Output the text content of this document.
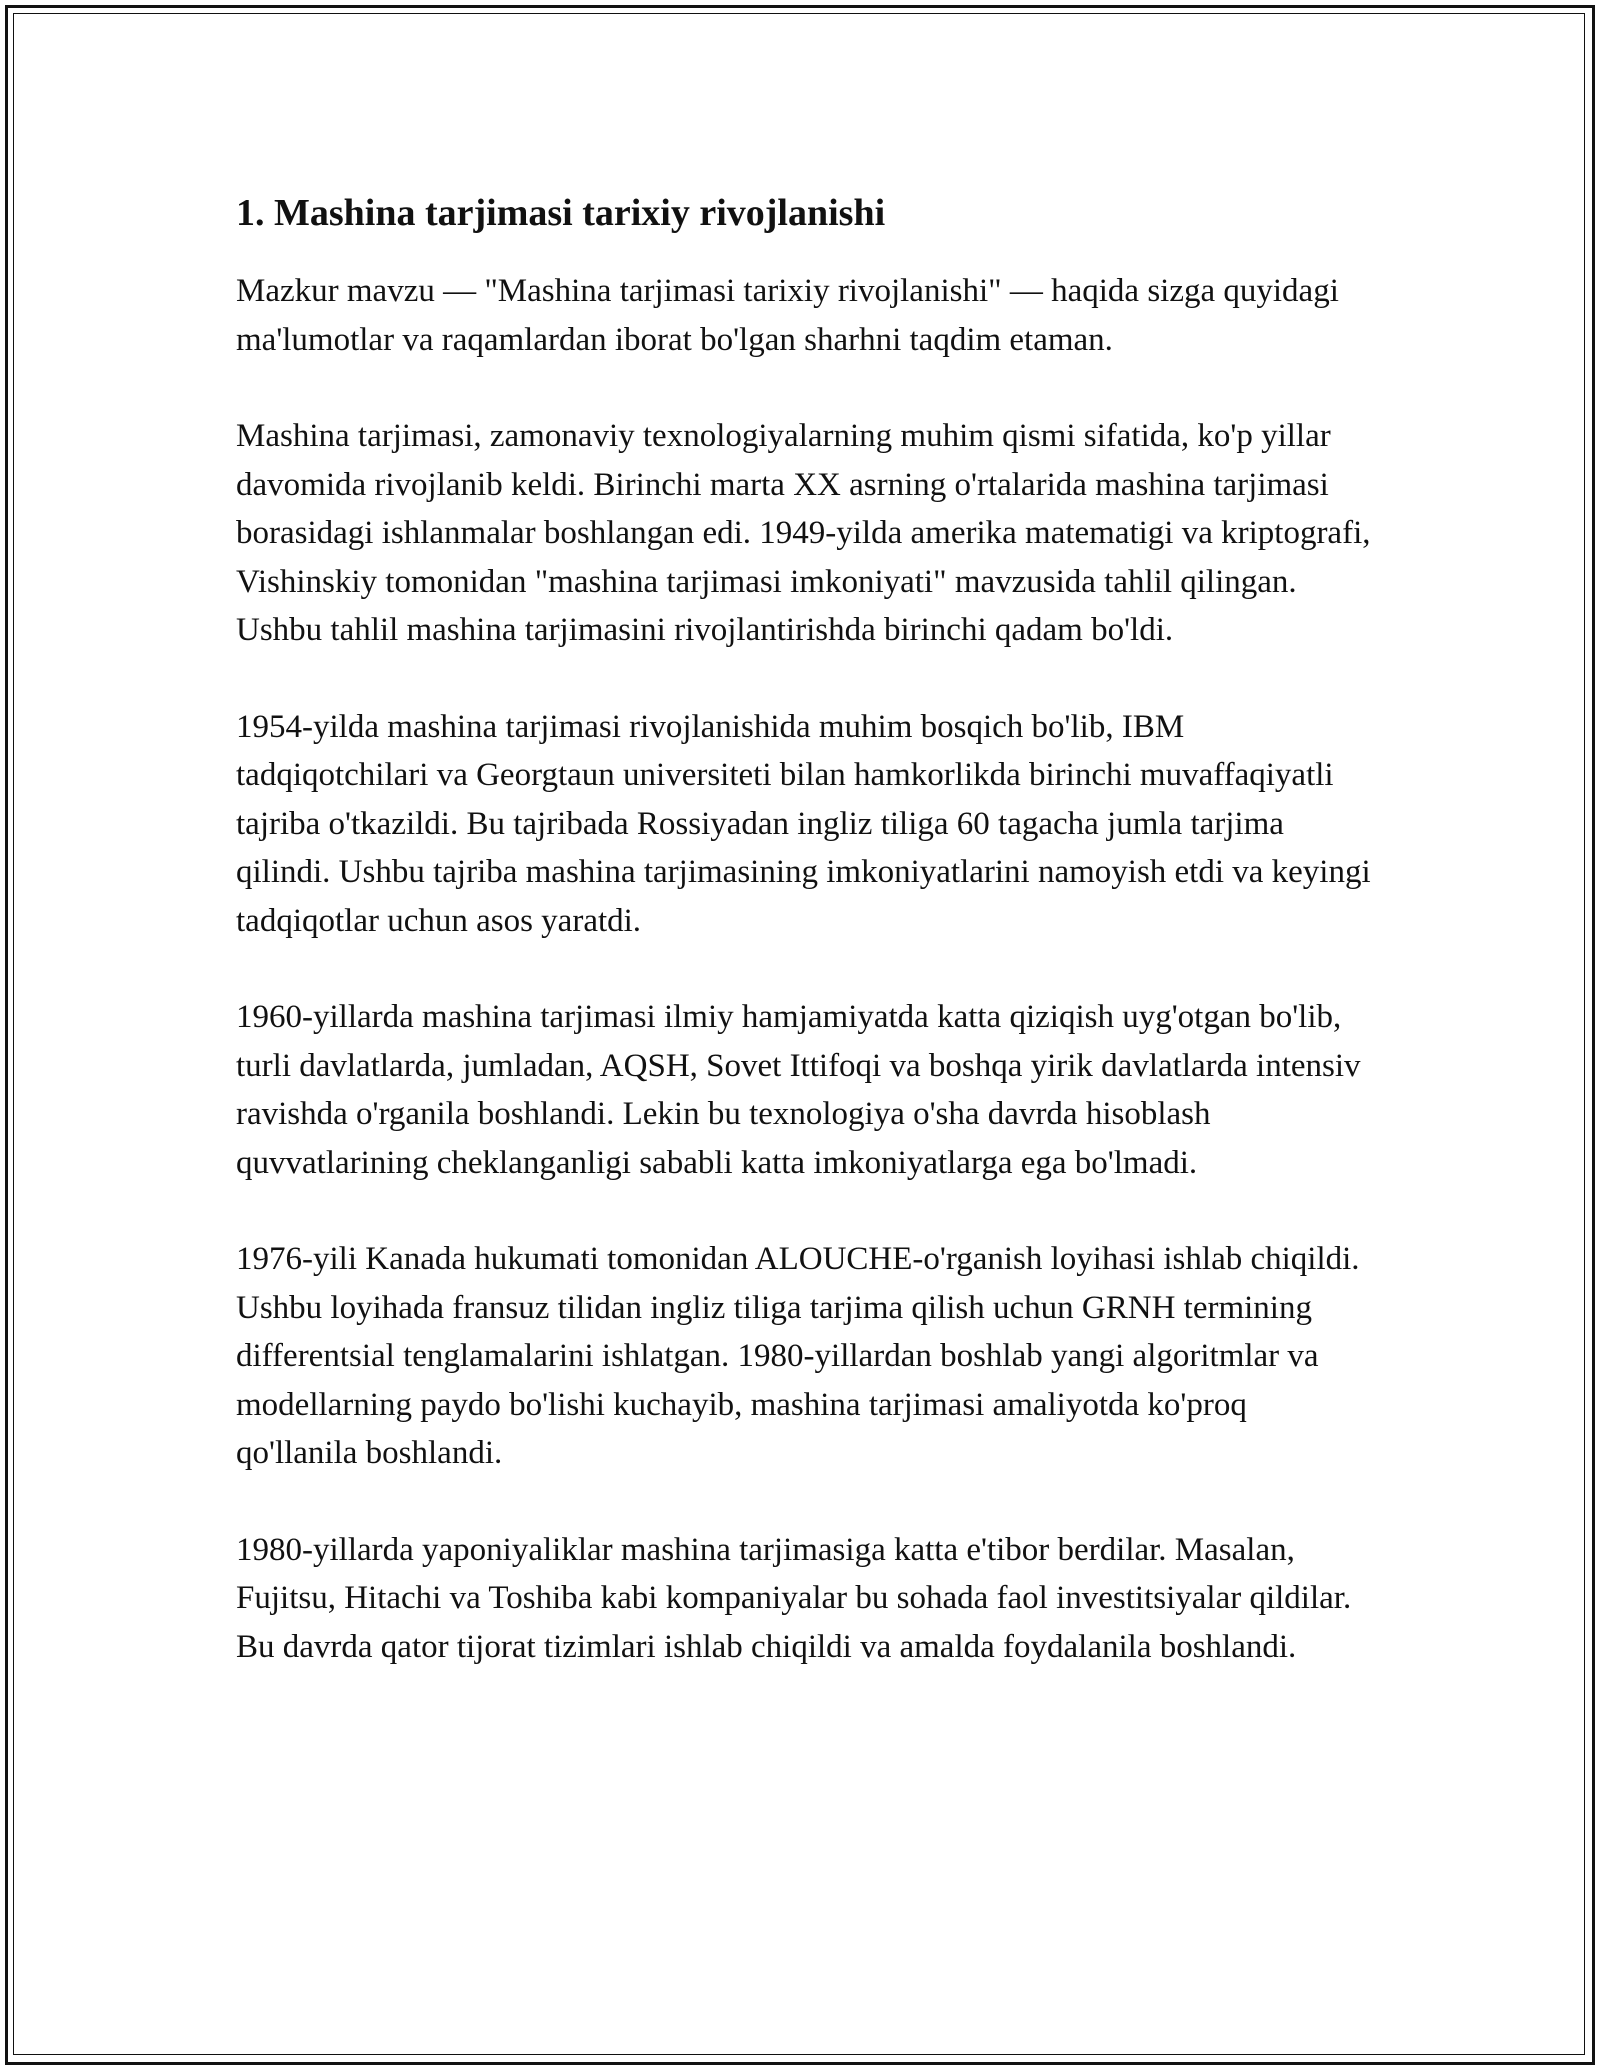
1. Mashina tarjimasi tarixiy rivojlanishi

Mazkur mavzu — "Mashina tarjimasi tarixiy rivojlanishi" — haqida sizga quyidagi ma'lumotlar va raqamlardan iborat bo'lgan sharhni taqdim etaman.

Mashina tarjimasi, zamonaviy texnologiyalarning muhim qismi sifatida, ko'p yillar davomida rivojlanib keldi. Birinchi marta XX asrning o'rtalarida mashina tarjimasi borasidagi ishlanmalar boshlangan edi. 1949-yilda amerika matematigi va kriptografi, Vishinskiy tomonidan "mashina tarjimasi imkoniyati" mavzusida tahlil qilingan. Ushbu tahlil mashina tarjimasini rivojlantirishda birinchi qadam bo'ldi.

1954-yilda mashina tarjimasi rivojlanishida muhim bosqich bo'lib, IBM tadqiqotchilari va Georgtaun universiteti bilan hamkorlikda birinchi muvaffaqiyatli tajriba o'tkazildi. Bu tajribada Rossiyadan ingliz tiliga 60 tagacha jumla tarjima qilindi. Ushbu tajriba mashina tarjimasining imkoniyatlarini namoyish etdi va keyingi tadqiqotlar uchun asos yaratdi.

1960-yillarda mashina tarjimasi ilmiy hamjamiyatda katta qiziqish uyg'otgan bo'lib, turli davlatlarda, jumladan, AQSH, Sovet Ittifoqi va boshqa yirik davlatlarda intensiv ravishda o'rganila boshlandi. Lekin bu texnologiya o'sha davrda hisoblash quvvatlarining cheklanganligi sababli katta imkoniyatlarga ega bo'lmadi.

1976-yili Kanada hukumati tomonidan ALOUCHE-o'rganish loyihasi ishlab chiqildi. Ushbu loyihada fransuz tilidan ingliz tiliga tarjima qilish uchun GRNH termining differentsial tenglamalarini ishlatgan. 1980-yillardan boshlab yangi algoritmlar va modellarning paydo bo'lishi kuchayib, mashina tarjimasi amaliyotda ko'proq qo'llanila boshlandi.

1980-yillarda yaponiyaliklar mashina tarjimasiga katta e'tibor berdilar. Masalan, Fujitsu, Hitachi va Toshiba kabi kompaniyalar bu sohada faol investitsiyalar qildilar. Bu davrda qator tijorat tizimlari ishlab chiqildi va amalda foydalanila boshlandi.
